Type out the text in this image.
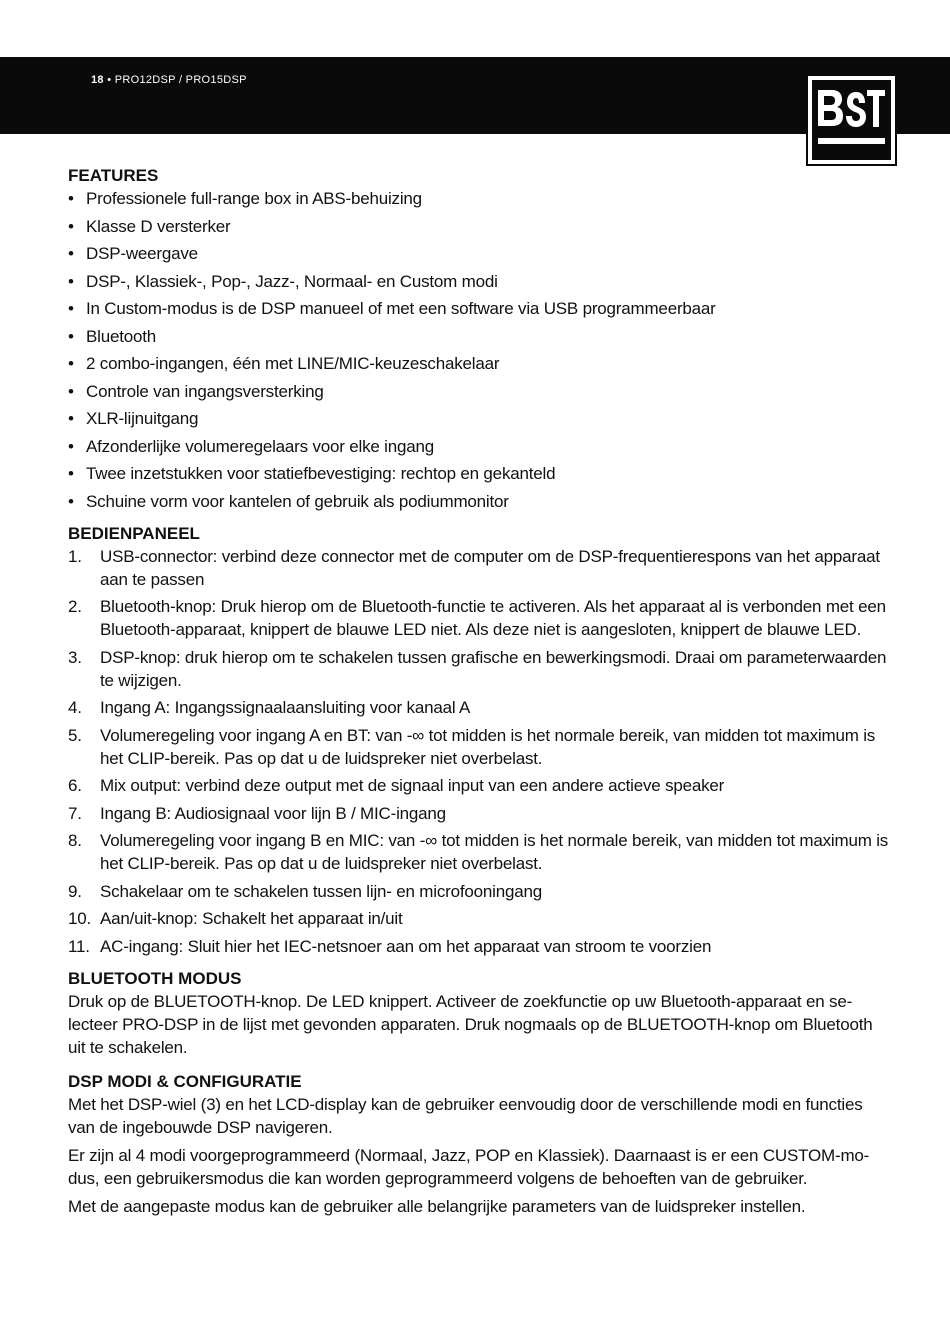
18 • PRO12DSP / PRO15DSP
FEATURES
• Professionele full-range box in ABS-behuizing
• Klasse D versterker
• DSP-weergave
• DSP-, Klassiek-, Pop-, Jazz-, Normaal- en Custom modi
• In Custom-modus is de DSP manueel of met een software via USB programmeerbaar
• Bluetooth
• 2 combo-ingangen, één met LINE/MIC-keuzeschakelaar
• Controle van ingangsversterking
• XLR-lijnuitgang
• Afzonderlijke volumeregelaars voor elke ingang
• Twee inzetstukken voor statiefbevestiging: rechtop en gekanteld
• Schuine vorm voor kantelen of gebruik als podiummonitor
BEDIENPANEEL
1. USB-connector: verbind deze connector met de computer om de DSP-frequentierespons van het apparaat aan te passen
2. Bluetooth-knop: Druk hierop om de Bluetooth-functie te activeren. Als het apparaat al is verbonden met een Bluetooth-apparaat, knippert de blauwe LED niet. Als deze niet is aangesloten, knippert de blauwe LED.
3. DSP-knop: druk hierop om te schakelen tussen grafische en bewerkingsmodi. Draai om parameterwaarden te wijzigen.
4. Ingang A: Ingangssignaalaansluiting voor kanaal A
5. Volumeregeling voor ingang A en BT: van -∞ tot midden is het normale bereik, van midden tot maximum is het CLIP-bereik. Pas op dat u de luidspreker niet overbelast.
6. Mix output: verbind deze output met de signaal input van een andere actieve speaker
7. Ingang B: Audiosignaal voor lijn B / MIC-ingang
8. Volumeregeling voor ingang B en MIC: van -∞ tot midden is het normale bereik, van midden tot maximum is het CLIP-bereik. Pas op dat u de luidspreker niet overbelast.
9. Schakelaar om te schakelen tussen lijn- en microfooningang
10. Aan/uit-knop: Schakelt het apparaat in/uit
11. AC-ingang: Sluit hier het IEC-netsnoer aan om het apparaat van stroom te voorzien
BLUETOOTH MODUS

Druk op de BLUETOOTH-knop. De LED knippert. Activeer de zoekfunctie op uw Bluetooth-apparaat en selecteer PRO-DSP in de lijst met gevonden apparaten. Druk nogmaals op de BLUETOOTH-knop om Bluetooth uit te schakelen.

DSP MODI & CONFIGURATIE

Met het DSP-wiel (3) en het LCD-display kan de gebruiker eenvoudig door de verschillende modi en functies van de ingebouwde DSP navigeren.

Er zijn al 4 modi voorgeprogrammeerd (Normaal, Jazz, POP en Klassiek). Daarnaast is er een CUSTOM-modus, een gebruikersmodus die kan worden geprogrammeerd volgens de behoeften van de gebruiker.

Met de aangepaste modus kan de gebruiker alle belangrijke parameters van de luidspreker instellen.
